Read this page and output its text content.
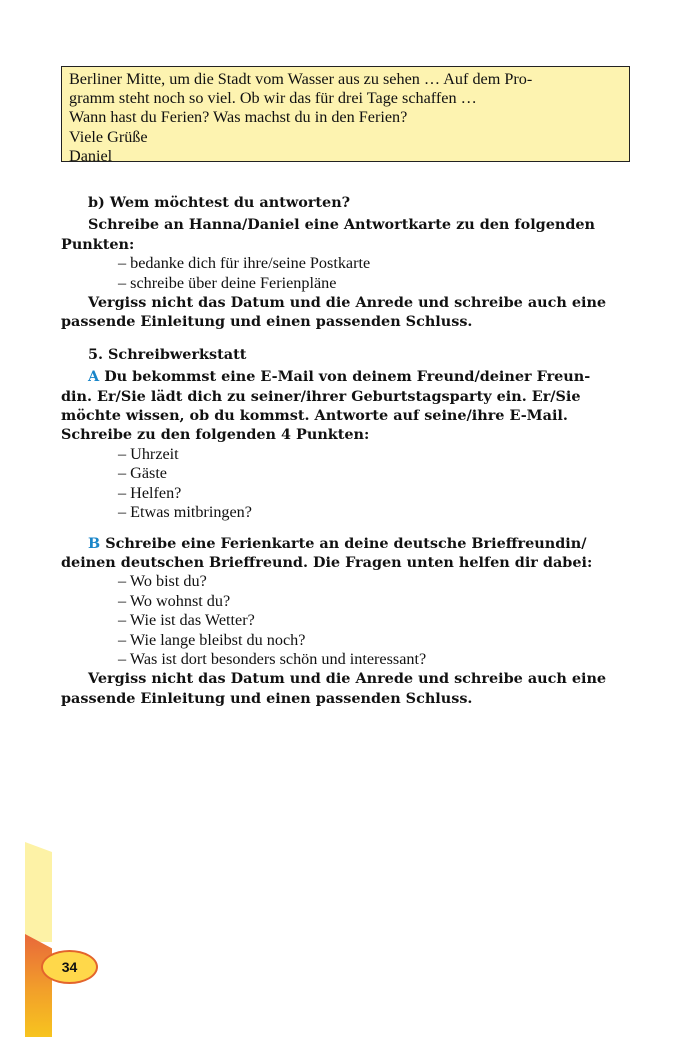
Berliner Mitte, um die Stadt vom Wasser aus zu sehen … Auf dem Pro-
gramm steht noch so viel. Ob wir das für drei Tage schaffen …
Wann hast du Ferien? Was machst du in den Ferien?
Viele Grüße
Daniel
b) Wem möchtest du antworten?
Schreibe an Hanna/Daniel eine Antwortkarte zu den folgenden
Punkten:
– bedanke dich für ihre/seine Postkarte
– schreibe über deine Ferienpläne
Vergiss nicht das Datum und die Anrede und schreibe auch eine
passende Einleitung und einen passenden Schluss.
5. Schreibwerkstatt
A Du bekommst eine E-Mail von deinem Freund/deiner Freun-
din. Er/Sie lädt dich zu seiner/ihrer Geburtstagsparty ein. Er/Sie
möchte wissen, ob du kommst. Antworte auf seine/ihre E-Mail.
Schreibe zu den folgenden 4 Punkten:
– Uhrzeit
– Gäste
– Helfen?
– Etwas mitbringen?
B Schreibe eine Ferienkarte an deine deutsche Brieffreundin/
deinen deutschen Brieffreund. Die Fragen unten helfen dir dabei:
– Wo bist du?
– Wo wohnst du?
– Wie ist das Wetter?
– Wie lange bleibst du noch?
– Was ist dort besonders schön und interessant?
Vergiss nicht das Datum und die Anrede und schreibe auch eine
passende Einleitung und einen passenden Schluss.
34
